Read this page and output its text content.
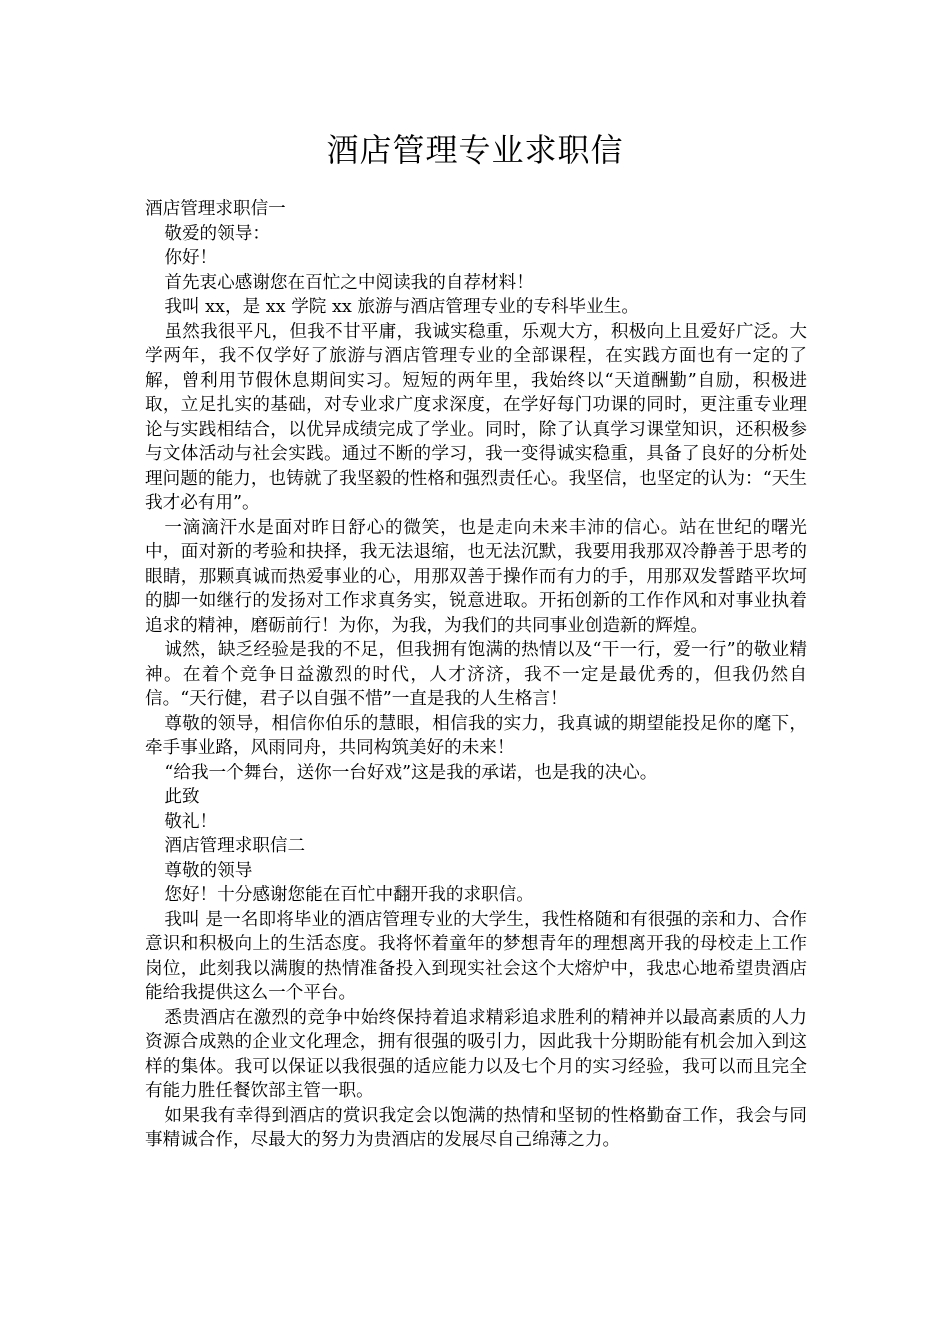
酒店管理专业求职信

酒店管理求职信一

敬爱的领导：

你好！

首先衷心感谢您在百忙之中阅读我的自荐材料！

我叫 xx，是 xx 学院 xx 旅游与酒店管理专业的专科毕业生。

虽然我很平凡，但我不甘平庸，我诚实稳重，乐观大方，积极向上且爱好广泛。大学两年，我不仅学好了旅游与酒店管理专业的全部课程，在实践方面也有一定的了解，曾利用节假休息期间实习。短短的两年里，我始终以“天道酬勤”自励，积极进取，立足扎实的基础，对专业求广度求深度，在学好每门功课的同时，更注重专业理论与实践相结合，以优异成绩完成了学业。同时，除了认真学习课堂知识，还积极参与文体活动与社会实践。通过不断的学习，我一变得诚实稳重，具备了良好的分析处理问题的能力，也铸就了我坚毅的性格和强烈责任心。我坚信，也坚定的认为：“天生我才必有用”。

一滴滴汗水是面对昨日舒心的微笑，也是走向未来丰沛的信心。站在世纪的曙光中，面对新的考验和抉择，我无法退缩，也无法沉默，我要用我那双冷静善于思考的眼睛，那颗真诚而热爱事业的心，用那双善于操作而有力的手，用那双发誓踏平坎坷的脚一如继行的发扬对工作求真务实，锐意进取。开拓创新的工作作风和对事业执着追求的精神，磨砺前行！为你，为我，为我们的共同事业创造新的辉煌。

诚然，缺乏经验是我的不足，但我拥有饱满的热情以及“干一行，爱一行”的敬业精神。在着个竞争日益激烈的时代，人才济济，我不一定是最优秀的，但我仍然自信。“天行健，君子以自强不惜”一直是我的人生格言！

尊敬的领导，相信你伯乐的慧眼，相信我的实力，我真诚的期望能投足你的麾下，牵手事业路，风雨同舟，共同构筑美好的未来！

“给我一个舞台，送你一台好戏”这是我的承诺，也是我的决心。

此致

敬礼！

酒店管理求职信二

尊敬的领导

您好！十分感谢您能在百忙中翻开我的求职信。

我叫 是一名即将毕业的酒店管理专业的大学生，我性格随和有很强的亲和力、合作意识和积极向上的生活态度。我将怀着童年的梦想青年的理想离开我的母校走上工作岗位，此刻我以满腹的热情准备投入到现实社会这个大熔炉中，我忠心地希望贵酒店能给我提供这么一个平台。

悉贵酒店在激烈的竞争中始终保持着追求精彩追求胜利的精神并以最高素质的人力资源合成熟的企业文化理念，拥有很强的吸引力，因此我十分期盼能有机会加入到这样的集体。我可以保证以我很强的适应能力以及七个月的实习经验，我可以而且完全有能力胜任餐饮部主管一职。

如果我有幸得到酒店的赏识我定会以饱满的热情和坚韧的性格勤奋工作，我会与同事精诚合作，尽最大的努力为贵酒店的发展尽自己绵薄之力。
